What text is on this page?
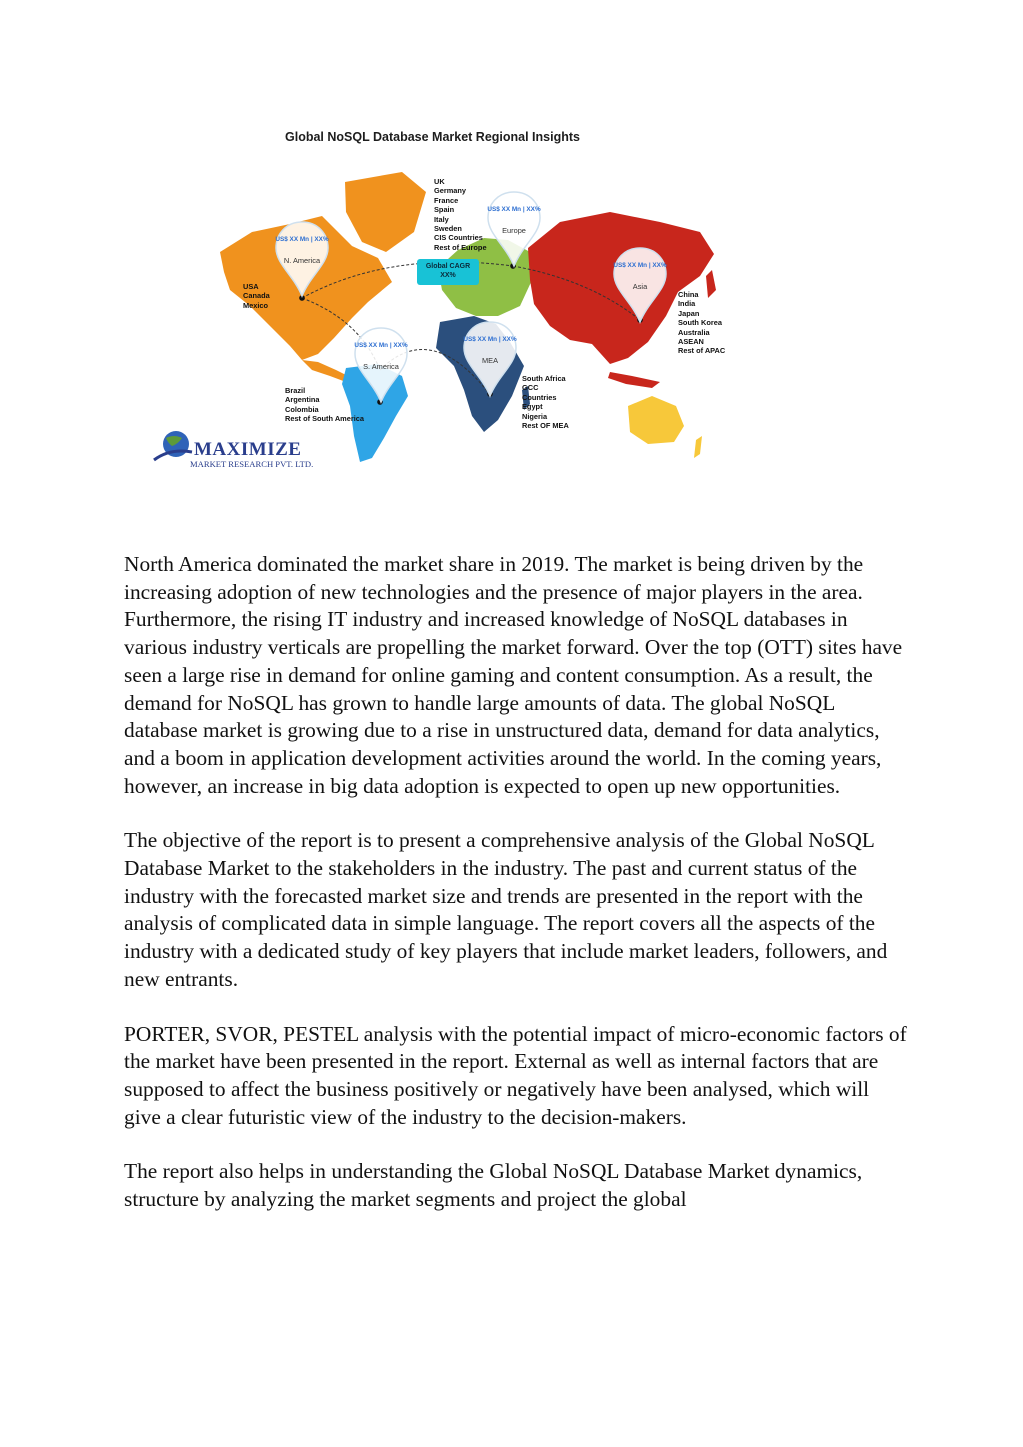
Global NoSQL Database Market Regional Insights
USA
Canada
Mexico
UK
Germany
France
Spain
Italy
Sweden
CIS Countries
Rest of Europe
China
India
Japan
South Korea
Australia
ASEAN
Rest of APAC
Brazil
Argentina
Colombia
Rest of South America
South Africa
GCC
Countries
Egypt
Nigeria
Rest OF MEA
US$ XX Mn | XX%
N. America
US$ XX Mn | XX%
Europe
US$ XX Mn | XX%
Asia
US$ XX Mn | XX%
S. America
US$ XX Mn | XX%
MEA
Global CAGR
XX%
MAXIMIZE
MARKET RESEARCH PVT. LTD.

North America dominated the market share in 2019. The market is being driven by the increasing adoption of new technologies and the presence of major players in the area. Furthermore, the rising IT industry and increased knowledge of NoSQL databases in various industry verticals are propelling the market forward. Over the top (OTT) sites have seen a large rise in demand for online gaming and content consumption. As a result, the demand for NoSQL has grown to handle large amounts of data. The global NoSQL database market is growing due to a rise in unstructured data, demand for data analytics, and a boom in application development activities around the world. In the coming years, however, an increase in big data adoption is expected to open up new opportunities.

The objective of the report is to present a comprehensive analysis of the Global NoSQL Database Market to the stakeholders in the industry. The past and current status of the industry with the forecasted market size and trends are presented in the report with the analysis of complicated data in simple language. The report covers all the aspects of the industry with a dedicated study of key players that include market leaders, followers, and new entrants.

PORTER, SVOR, PESTEL analysis with the potential impact of micro-economic factors of the market have been presented in the report. External as well as internal factors that are supposed to affect the business positively or negatively have been analysed, which will give a clear futuristic view of the industry to the decision-makers.

The report also helps in understanding the Global NoSQL Database Market dynamics, structure by analyzing the market segments and project the global
